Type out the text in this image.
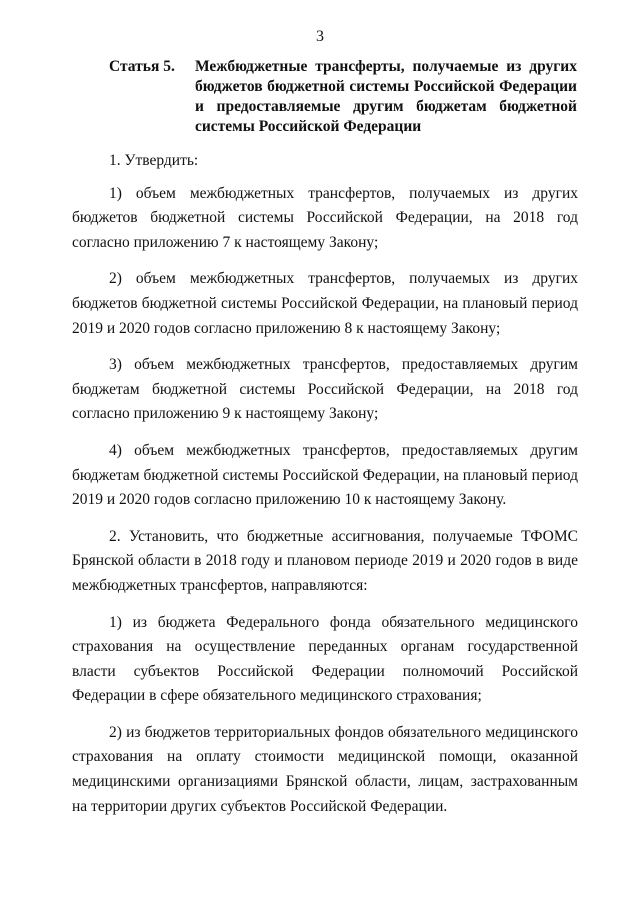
3
Статья 5.	Межбюджетные трансферты, получаемые из других бюджетов бюджетной системы Российской Федерации и предоставляемые другим бюджетам бюджетной системы Российской Федерации

1. Утвердить:

1) объем межбюджетных трансфертов, получаемых из других бюджетов бюджетной системы Российской Федерации, на 2018 год согласно приложению 7 к настоящему Закону;

2) объем межбюджетных трансфертов, получаемых из других бюджетов бюджетной системы Российской Федерации, на плановый период 2019 и 2020 годов согласно приложению 8 к настоящему Закону;

3) объем межбюджетных трансфертов, предоставляемых другим бюджетам бюджетной системы Российской Федерации, на 2018 год согласно приложению 9 к настоящему Закону;

4) объем межбюджетных трансфертов, предоставляемых другим бюджетам бюджетной системы Российской Федерации, на плановый период 2019 и 2020 годов согласно приложению 10 к настоящему Закону.

2. Установить, что бюджетные ассигнования, получаемые ТФОМС Брянской области в 2018 году и плановом периоде 2019 и 2020 годов в виде межбюджетных трансфертов, направляются:

1) из бюджета Федерального фонда обязательного медицинского страхования на осуществление переданных органам государственной власти субъектов Российской Федерации полномочий Российской Федерации в сфере обязательного медицинского страхования;

2) из бюджетов территориальных фондов обязательного медицинского страхования на оплату стоимости медицинской помощи, оказанной медицинскими организациями Брянской области, лицам, застрахованным на территории других субъектов Российской Федерации.
